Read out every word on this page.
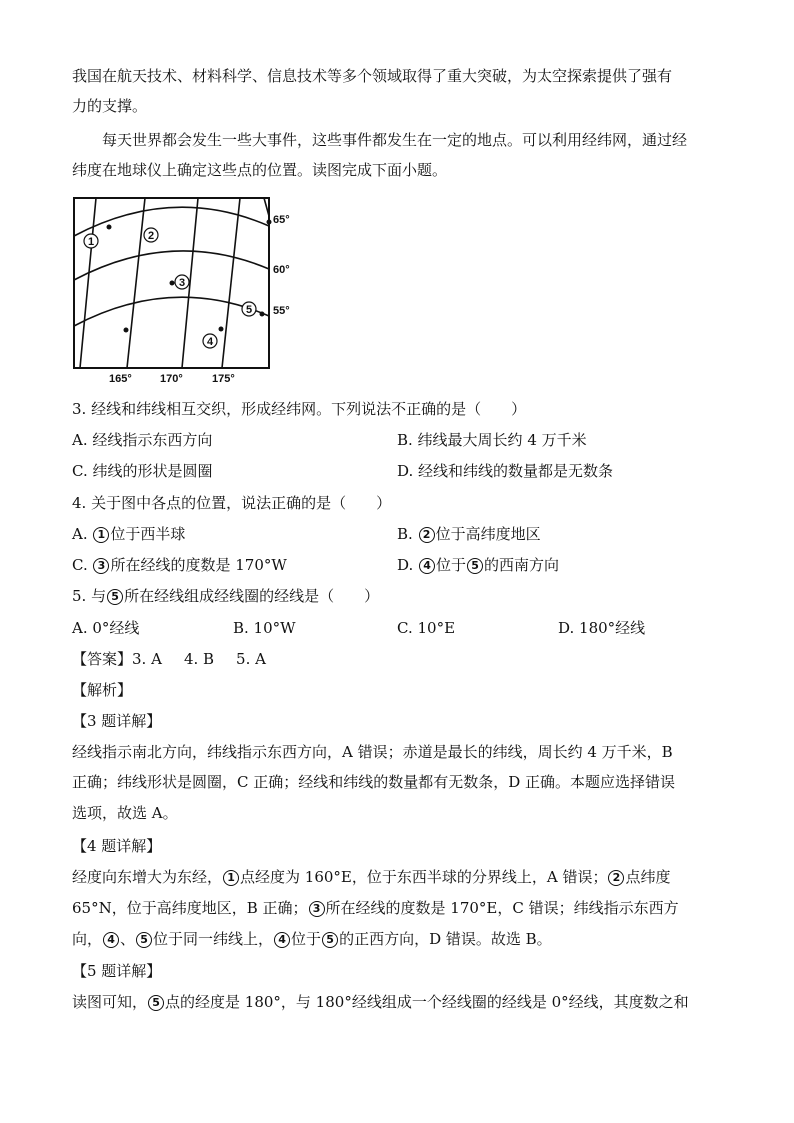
我国在航天技术、材料科学、信息技术等多个领域取得了重大突破，为太空探索提供了强有
力的支撑。
每天世界都会发生一些大事件，这些事件都发生在一定的地点。可以利用经纬网，通过经
纬度在地球仪上确定这些点的位置。读图完成下面小题。
1	2
3
4
5
65°
60°
55°
165°	170°	175°
3. 经线和纬线相互交织，形成经纬网。下列说法不正确的是（　　）
A. 经线指示东西方向	B. 纬线最大周长约 4 万千米
C. 纬线的形状是圆圈	D. 经线和纬线的数量都是无数条
4. 关于图中各点的位置，说法正确的是（　　）
A. 1 位于西半球	B. 2 位于高纬度地区
C. 3 所在经线的度数是 170°W	D. 4 位于 5 的西南方向
5. 与 5 所在经线组成经线圈的经线是（　　）
A. 0°经线	B. 10°W	C. 10°E	D. 180°经线
【答案】3. A 4. B 5. A
【解析】
【3 题详解】
经线指示南北方向，纬线指示东西方向，A 错误；赤道是最长的纬线，周长约 4 万千米，B
正确；纬线形状是圆圈，C 正确；经线和纬线的数量都有无数条，D 正确。本题应选择错误
选项，故选 A。
【4 题详解】
经度向东增大为东经， 1 点经度为 160°E，位于东西半球的分界线上，A 错误； 2 点纬度
65°N，位于高纬度地区，B 正确； 3 所在经线的度数是 170°E，C 错误；纬线指示东西方
向， 4 、 5 位于同一纬线上， 4 位于 5 的正西方向，D 错误。故选 B。
【5 题详解】
读图可知， 5 点的经度是 180°，与 180°经线组成一个经线圈的经线是 0°经线，其度数之和
